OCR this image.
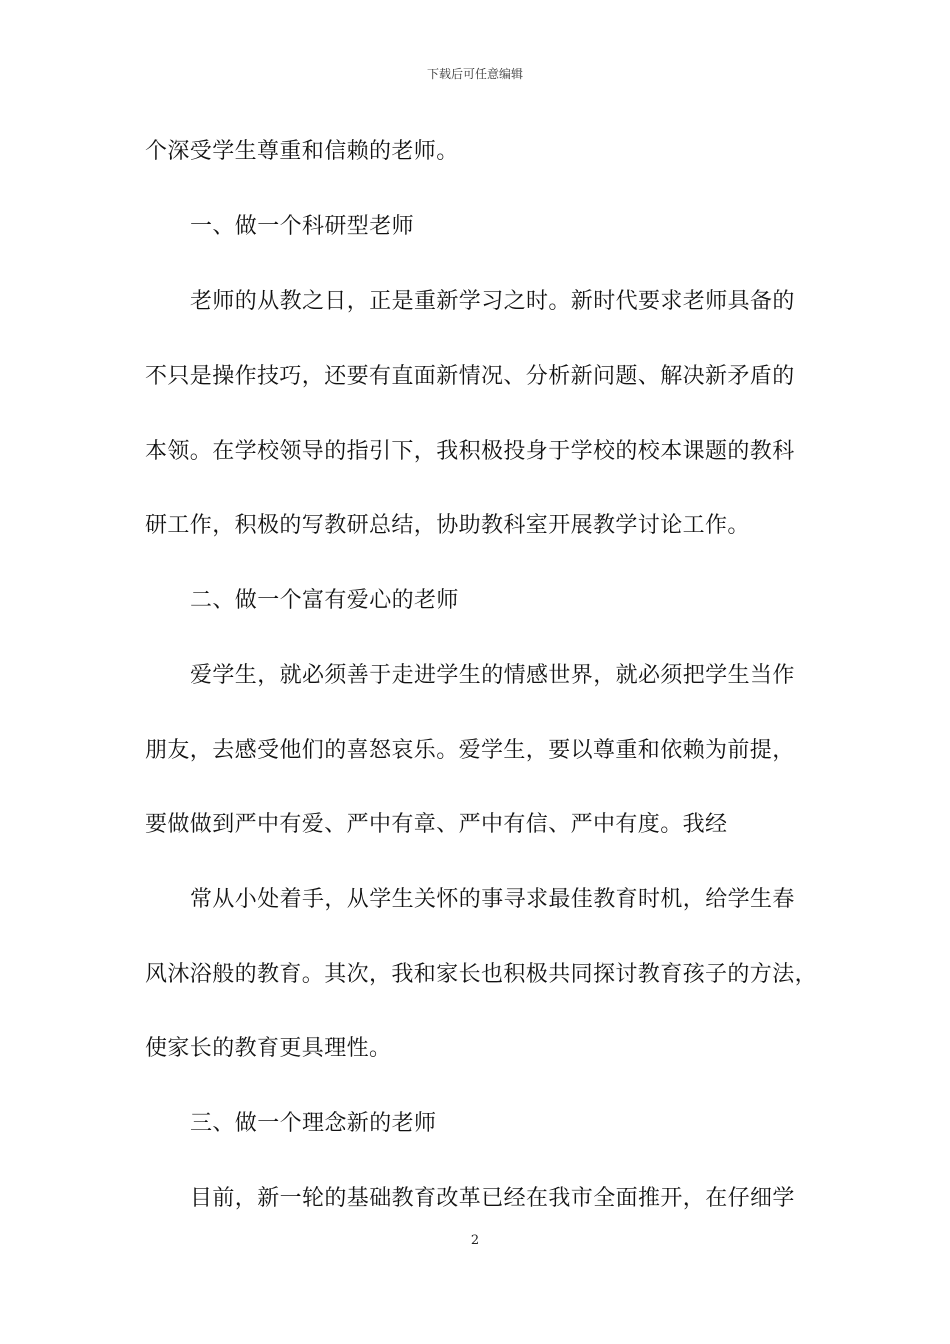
下载后可任意编辑
个深受学生尊重和信赖的老师。
一、做一个科研型老师
老师的从教之日，正是重新学习之时。新时代要求老师具备的
不只是操作技巧，还要有直面新情况、分析新问题、解决新矛盾的
本领。在学校领导的指引下，我积极投身于学校的校本课题的教科
研工作，积极的写教研总结，协助教科室开展教学讨论工作。
二、做一个富有爱心的老师
爱学生，就必须善于走进学生的情感世界，就必须把学生当作
朋友，去感受他们的喜怒哀乐。爱学生，要以尊重和依赖为前提，
要做做到严中有爱、严中有章、严中有信、严中有度。我经
常从小处着手，从学生关怀的事寻求最佳教育时机，给学生春
风沐浴般的教育。其次，我和家长也积极共同探讨教育孩子的方法，
使家长的教育更具理性。
三、做一个理念新的老师
目前，新一轮的基础教育改革已经在我市全面推开，在仔细学
2
